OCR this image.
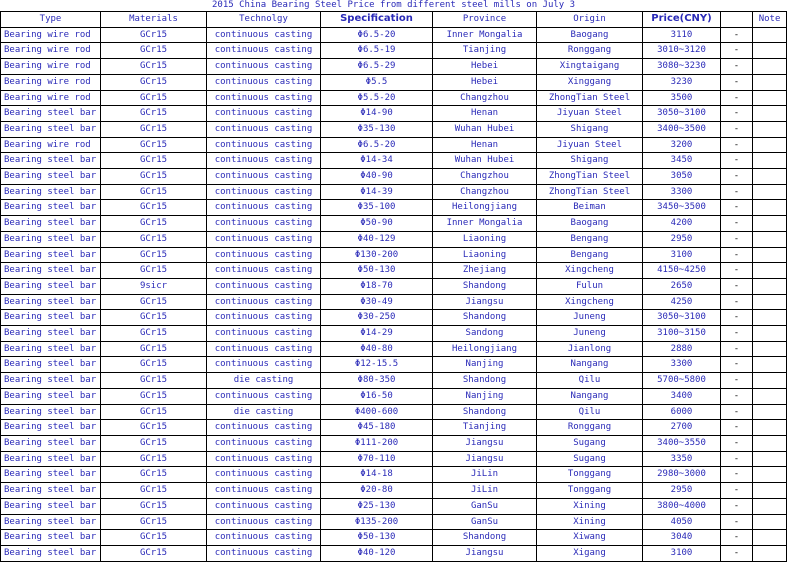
2015 China Bearing Steel Price from different steel mills on July 3								
Type	Materials	Technolgy	Specification	Province	Origin	Price(CNY)		Note
Bearing wire rod	GCr15	continuous casting	Φ6.5-20	Inner Mongalia	Baogang	3110	-	
Bearing wire rod	GCr15	continuous casting	Φ6.5-19	Tianjing	Ronggang	3010~3120	-	
Bearing wire rod	GCr15	continuous casting	Φ6.5-29	Hebei	Xingtaigang	3080~3230	-	
Bearing wire rod	GCr15	continuous casting	Φ5.5	Hebei	Xinggang	3230	-	
Bearing wire rod	GCr15	continuous casting	Φ5.5-20	Changzhou	ZhongTian Steel	3500	-	
Bearing steel bar	GCr15	continuous casting	Φ14-90	Henan	Jiyuan Steel	3050~3100	-	
Bearing steel bar	GCr15	continuous casting	Φ35-130	Wuhan Hubei	Shigang	3400~3500	-	
Bearing wire rod	GCr15	continuous casting	Φ6.5-20	Henan	Jiyuan Steel	3200	-	
Bearing steel bar	GCr15	continuous casting	Φ14-34	Wuhan Hubei	Shigang	3450	-	
Bearing steel bar	GCr15	continuous casting	Φ40-90	Changzhou	ZhongTian Steel	3050	-	
Bearing steel bar	GCr15	continuous casting	Φ14-39	Changzhou	ZhongTian Steel	3300	-	
Bearing steel bar	GCr15	continuous casting	Φ35-100	Heilongjiang	Beiman	3450~3500	-	
Bearing steel bar	GCr15	continuous casting	Φ50-90	Inner Mongalia	Baogang	4200	-	
Bearing steel bar	GCr15	continuous casting	Φ40-129	Liaoning	Bengang	2950	-	
Bearing steel bar	GCr15	continuous casting	Φ130-200	Liaoning	Bengang	3100	-	
Bearing steel bar	GCr15	continuous casting	Φ50-130	Zhejiang	Xingcheng	4150~4250	-	
Bearing steel bar	9sicr	continuous casting	Φ18-70	Shandong	Fulun	2650	-	
Bearing steel bar	GCr15	continuous casting	Φ30-49	Jiangsu	Xingcheng	4250	-	
Bearing steel bar	GCr15	continuous casting	Φ30-250	Shandong	Juneng	3050~3100	-	
Bearing steel bar	GCr15	continuous casting	Φ14-29	Sandong	Juneng	3100~3150	-	
Bearing steel bar	GCr15	continuous casting	Φ40-80	Heilongjiang	Jianlong	2880	-	
Bearing steel bar	GCr15	continuous casting	Φ12-15.5	Nanjing	Nangang	3300	-	
Bearing steel bar	GCr15	die casting	Φ80-350	Shandong	Qilu	5700~5800	-	
Bearing steel bar	GCr15	continuous casting	Φ16-50	Nanjing	Nangang	3400	-	
Bearing steel bar	GCr15	die casting	Φ400-600	Shandong	Qilu	6000	-	
Bearing steel bar	GCr15	continuous casting	Φ45-180	Tianjing	Ronggang	2700	-	
Bearing steel bar	GCr15	continuous casting	Φ111-200	Jiangsu	Sugang	3400~3550	-	
Bearing steel bar	GCr15	continuous casting	Φ70-110	Jiangsu	Sugang	3350	-	
Bearing steel bar	GCr15	continuous casting	Φ14-18	JiLin	Tonggang	2980~3000	-	
Bearing steel bar	GCr15	continuous casting	Φ20-80	JiLin	Tonggang	2950	-	
Bearing steel bar	GCr15	continuous casting	Φ25-130	GanSu	Xining	3800~4000	-	
Bearing steel bar	GCr15	continuous casting	Φ135-200	GanSu	Xining	4050	-	
Bearing steel bar	GCr15	continuous casting	Φ50-130	Shandong	Xiwang	3040	-	
Bearing steel bar	GCr15	continuous casting	Φ40-120	Jiangsu	Xigang	3100	-	
